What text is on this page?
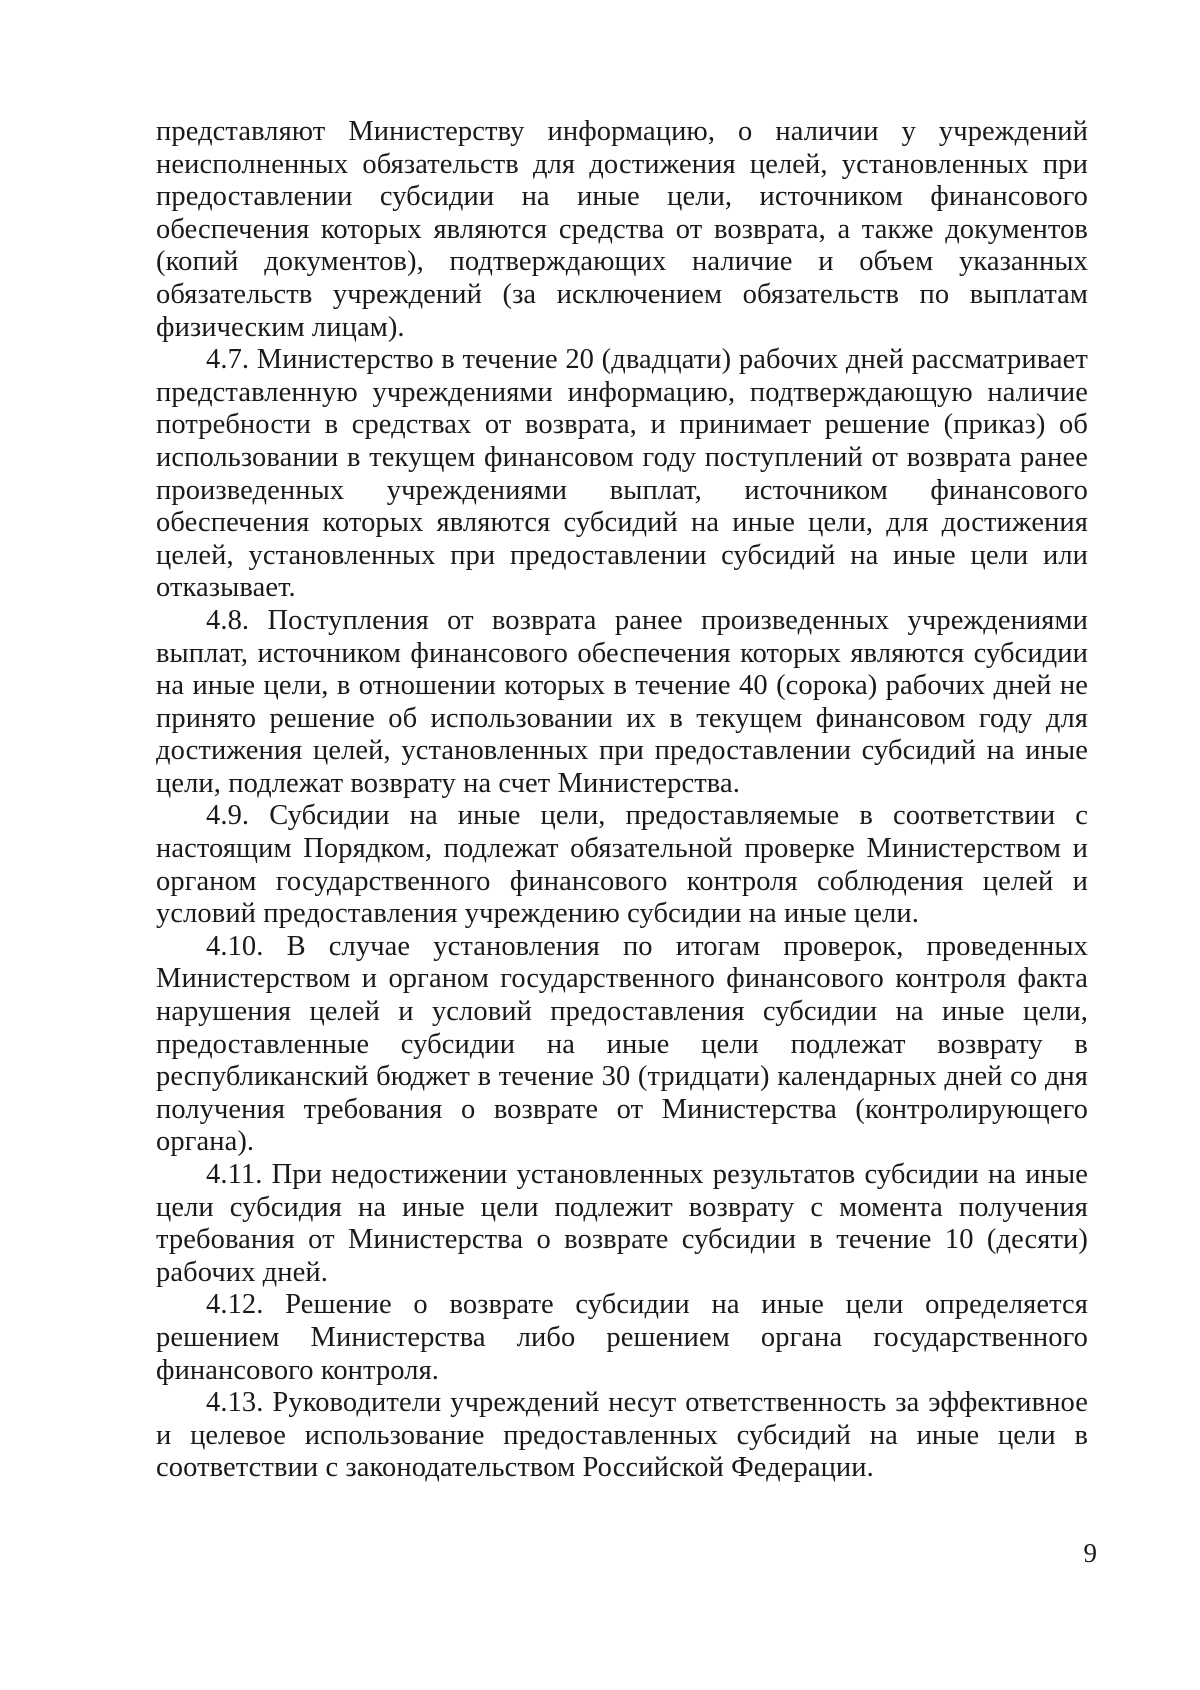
представляют Министерству информацию, о наличии у учреждений неисполненных обязательств для достижения целей, установленных при предоставлении субсидии на иные цели, источником финансового обеспечения которых являются средства от возврата, а также документов (копий документов), подтверждающих наличие и объем указанных обязательств учреждений (за исключением обязательств по выплатам физическим лицам).

4.7. Министерство в течение 20 (двадцати) рабочих дней рассматривает представленную учреждениями информацию, подтверждающую наличие потребности в средствах от возврата, и принимает решение (приказ) об использовании в текущем финансовом году поступлений от возврата ранее произведенных учреждениями выплат, источником финансового обеспечения которых являются субсидий на иные цели, для достижения целей, установленных при предоставлении субсидий на иные цели или отказывает.

4.8. Поступления от возврата ранее произведенных учреждениями выплат, источником финансового обеспечения которых являются субсидии на иные цели, в отношении которых в течение 40 (сорока) рабочих дней не принято решение об использовании их в текущем финансовом году для достижения целей, установленных при предоставлении субсидий на иные цели, подлежат возврату на счет Министерства.

4.9. Субсидии на иные цели, предоставляемые в соответствии с настоящим Порядком, подлежат обязательной проверке Министерством и органом государственного финансового контроля соблюдения целей и условий предоставления учреждению субсидии на иные цели.

4.10. В случае установления по итогам проверок, проведенных Министерством и органом государственного финансового контроля факта нарушения целей и условий предоставления субсидии на иные цели, предоставленные субсидии на иные цели подлежат возврату в республиканский бюджет в течение 30 (тридцати) календарных дней со дня получения требования о возврате от Министерства (контролирующего органа).

4.11. При недостижении установленных результатов субсидии на иные цели субсидия на иные цели подлежит возврату с момента получения требования от Министерства о возврате субсидии в течение 10 (десяти) рабочих дней.

4.12. Решение о возврате субсидии на иные цели определяется решением Министерства либо решением органа государственного финансового контроля.

4.13. Руководители учреждений несут ответственность за эффективное и целевое использование предоставленных субсидий на иные цели в соответствии с законодательством Российской Федерации.

9
